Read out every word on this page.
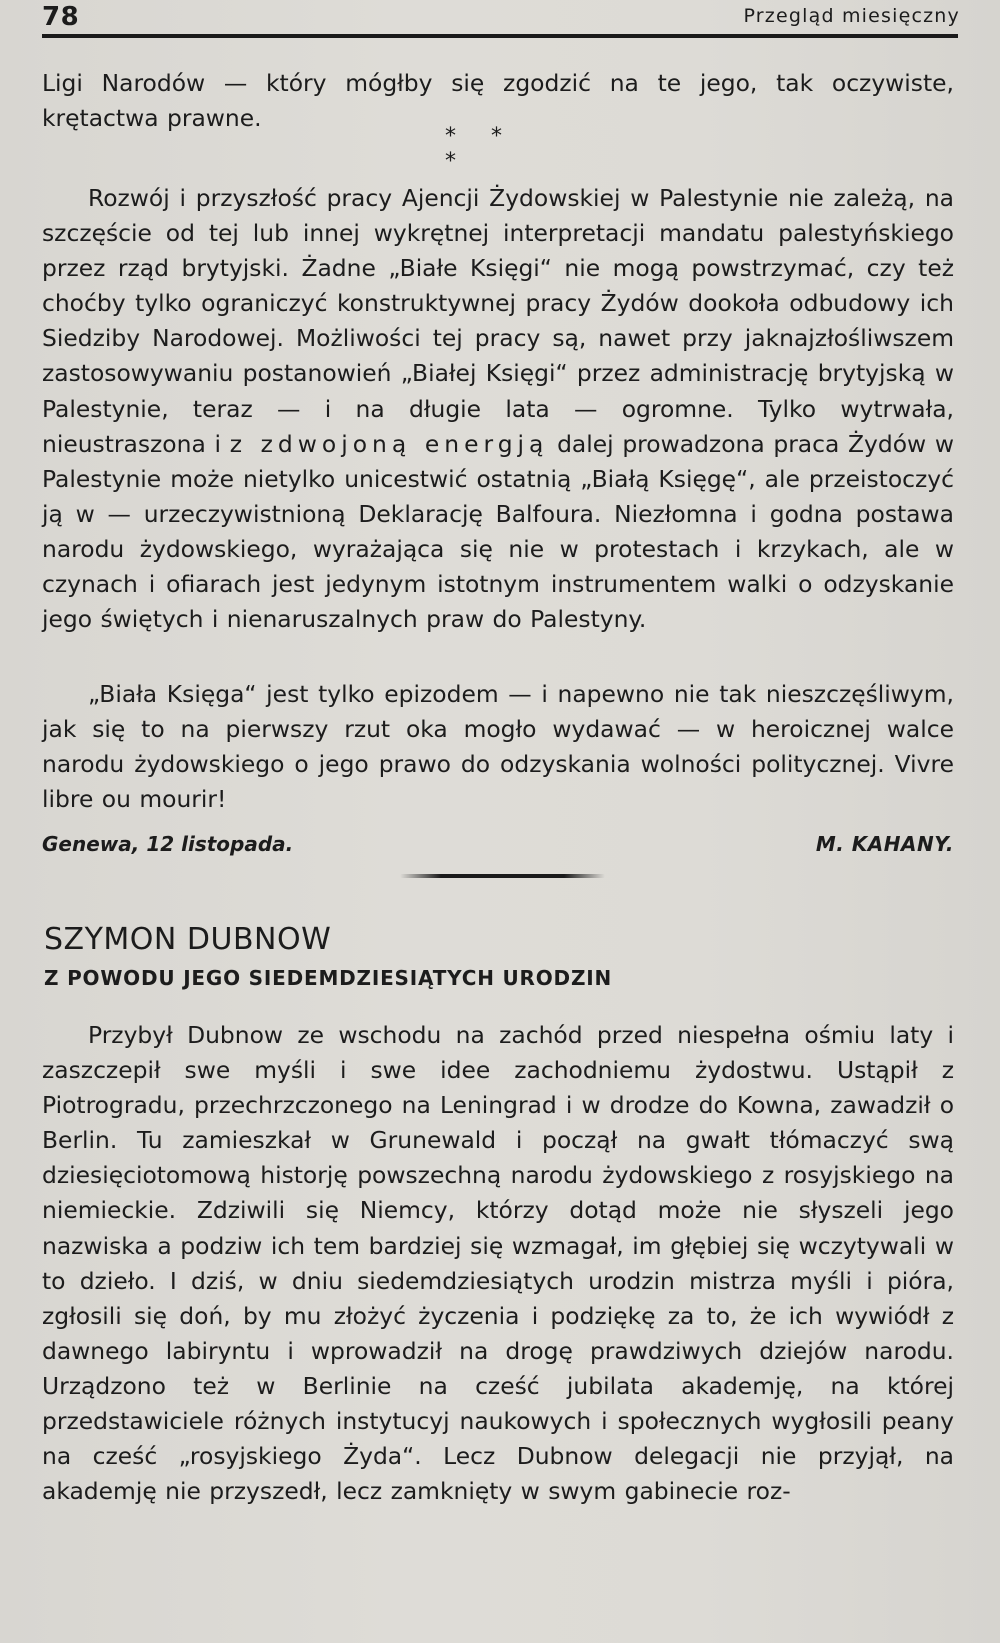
78	Przegląd miesięczny
Ligi Narodów — który mógłby się zgodzić na te jego, tak oczywiste, krętactwa prawne.
* * *
Rozwój i przyszłość pracy Ajencji Żydowskiej w Palestynie nie zależą, na szczęście od tej lub innej wykrętnej interpretacji mandatu palestyńskiego przez rząd brytyjski. Żadne „Białe Księgi“ nie mogą powstrzymać, czy też choćby tylko ograniczyć konstruktywnej pracy Żydów dookoła odbudowy ich Siedziby Narodowej. Możliwości tej pracy są, nawet przy jaknajzłośliwszem zastosowywaniu postanowień „Białej Księgi“ przez administrację brytyjską w Palestynie, teraz — i na długie lata — ogromne. Tylko wytrwała, nieustraszona i z zdwojoną energją dalej prowadzona praca Żydów w Palestynie może nietylko unicestwić ostatnią „Białą Księgę“, ale przeistoczyć ją w — urzeczywistnioną Deklarację Balfoura. Niezłomna i godna postawa narodu żydowskiego, wyrażająca się nie w protestach i krzykach, ale w czynach i ofiarach jest jedynym istotnym instrumentem walki o odzyskanie jego świętych i nienaruszalnych praw do Palestyny.
„Biała Księga“ jest tylko epizodem — i napewno nie tak nieszczęśliwym, jak się to na pierwszy rzut oka mogło wydawać — w heroicznej walce narodu żydowskiego o jego prawo do odzyskania wolności politycznej. Vivre libre ou mourir!
Genewa, 12 listopada.	M. KAHANY.
SZYMON DUBNOW
Z POWODU JEGO SIEDEMDZIESIĄTYCH URODZIN
Przybył Dubnow ze wschodu na zachód przed niespełna ośmiu laty i zaszczepił swe myśli i swe idee zachodniemu żydostwu. Ustąpił z Piotrogradu, przechrzczonego na Leningrad i w drodze do Kowna, zawadził o Berlin. Tu zamieszkał w Grunewald i począł na gwałt tłómaczyć swą dziesięciotomową historję powszechną narodu żydowskiego z rosyjskiego na niemieckie. Zdziwili się Niemcy, którzy dotąd może nie słyszeli jego nazwiska a podziw ich tem bardziej się wzmagał, im głębiej się wczytywali w to dzieło. I dziś, w dniu siedemdziesiątych urodzin mistrza myśli i pióra, zgłosili się doń, by mu złożyć życzenia i podziękę za to, że ich wywiódł z dawnego labiryntu i wprowadził na drogę prawdziwych dziejów narodu. Urządzono też w Berlinie na cześć jubilata akademję, na której przedstawiciele różnych instytucyj naukowych i społecznych wygłosili peany na cześć „rosyjskiego Żyda“. Lecz Dubnow delegacji nie przyjął, na akademję nie przyszedł, lecz zamknięty w swym gabinecie roz-
